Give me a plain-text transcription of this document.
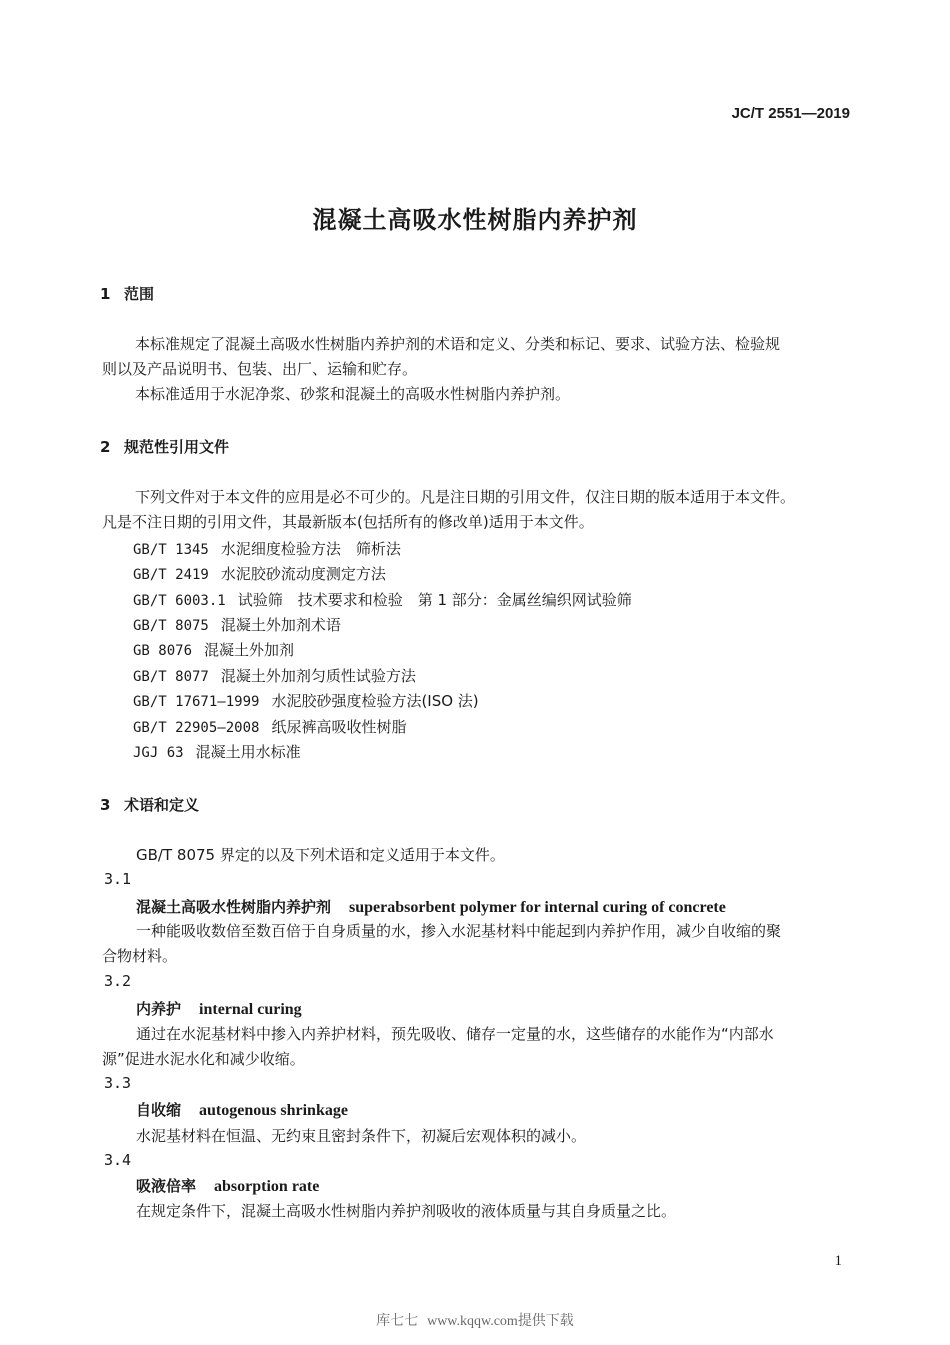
JC/T 2551—2019
混凝土高吸水性树脂内养护剂
1 范围
本标准规定了混凝土高吸水性树脂内养护剂的术语和定义、分类和标记、要求、试验方法、检验规
则以及产品说明书、包装、出厂、运输和贮存。
本标准适用于水泥净浆、砂浆和混凝土的高吸水性树脂内养护剂。
2 规范性引用文件
下列文件对于本文件的应用是必不可少的。凡是注日期的引用文件，仅注日期的版本适用于本文件。
凡是不注日期的引用文件，其最新版本(包括所有的修改单)适用于本文件。
GB/T 1345 水泥细度检验方法　筛析法
GB/T 2419 水泥胶砂流动度测定方法
GB/T 6003.1 试验筛　技术要求和检验　第 1 部分：金属丝编织网试验筛
GB/T 8075 混凝土外加剂术语
GB 8076 混凝土外加剂
GB/T 8077 混凝土外加剂匀质性试验方法
GB/T 17671—1999 水泥胶砂强度检验方法(ISO 法)
GB/T 22905—2008 纸尿裤高吸收性树脂
JGJ 63 混凝土用水标准
3 术语和定义
GB/T 8075 界定的以及下列术语和定义适用于本文件。
3.1
混凝土高吸水性树脂内养护剂 superabsorbent polymer for internal curing of concrete
一种能吸收数倍至数百倍于自身质量的水，掺入水泥基材料中能起到内养护作用，减少自收缩的聚
合物材料。
3.2
内养护 internal curing
通过在水泥基材料中掺入内养护材料，预先吸收、储存一定量的水，这些储存的水能作为“内部水
源”促进水泥水化和减少收缩。
3.3
自收缩 autogenous shrinkage
水泥基材料在恒温、无约束且密封条件下，初凝后宏观体积的减小。
3.4
吸液倍率 absorption rate
在规定条件下，混凝土高吸水性树脂内养护剂吸收的液体质量与其自身质量之比。
1
库七七 www.kqqw.com提供下载
